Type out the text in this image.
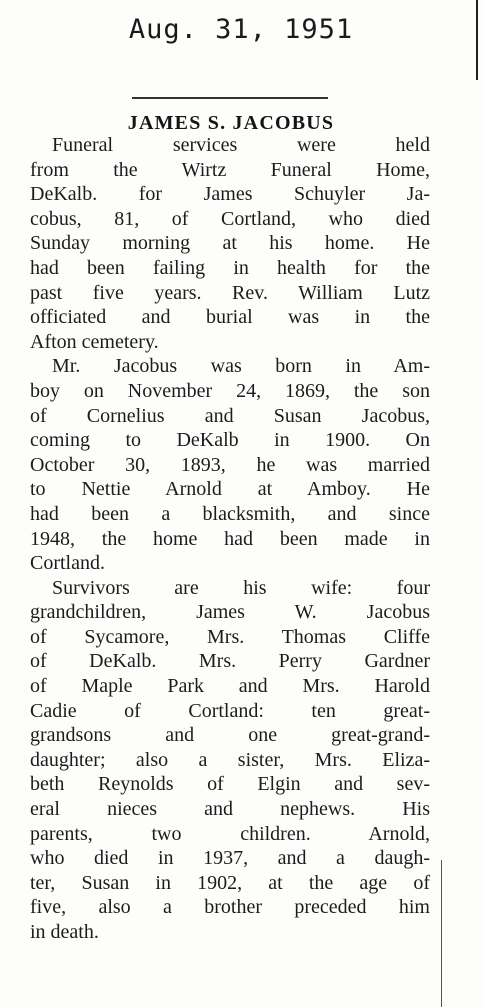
Aug. 31, 1951
JAMES S. JACOBUS
Funeral services were held
from the Wirtz Funeral Home,
DeKalb. for James Schuyler Ja-
cobus, 81, of Cortland, who died
Sunday morning at his home. He
had been failing in health for the
past five years. Rev. William Lutz
officiated and burial was in the
Afton cemetery.
Mr. Jacobus was born in Am-
boy on November 24, 1869, the son
of Cornelius and Susan Jacobus,
coming to DeKalb in 1900. On
October 30, 1893, he was married
to Nettie Arnold at Amboy. He
had been a blacksmith, and since
1948, the home had been made in
Cortland.
Survivors are his wife: four
grandchildren, James W. Jacobus
of Sycamore, Mrs. Thomas Cliffe
of DeKalb. Mrs. Perry Gardner
of Maple Park and Mrs. Harold
Cadie of Cortland: ten great-
grandsons and one great-grand-
daughter; also a sister, Mrs. Eliza-
beth Reynolds of Elgin and sev-
eral nieces and nephews. His
parents, two children. Arnold,
who died in 1937, and a daugh-
ter, Susan in 1902, at the age of
five, also a brother preceded him
in death.
